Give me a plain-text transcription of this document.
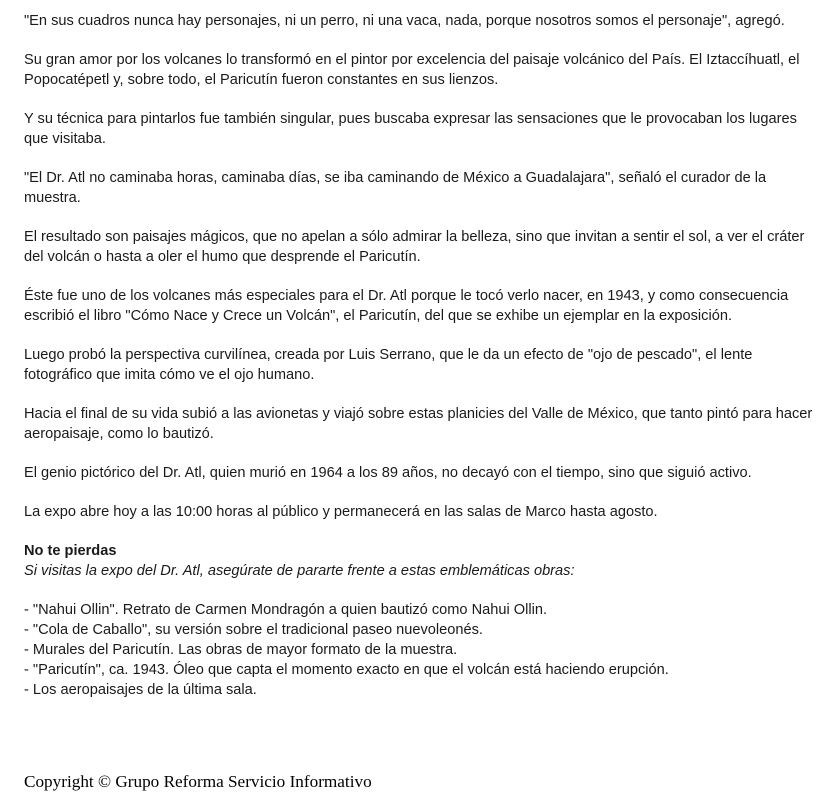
"En sus cuadros nunca hay personajes, ni un perro, ni una vaca, nada, porque nosotros somos el personaje", agregó.

Su gran amor por los volcanes lo transformó en el pintor por excelencia del paisaje volcánico del País. El Iztaccíhuatl, el Popocatépetl y, sobre todo, el Paricutín fueron constantes en sus lienzos.

Y su técnica para pintarlos fue también singular, pues buscaba expresar las sensaciones que le provocaban los lugares que visitaba.

"El Dr. Atl no caminaba horas, caminaba días, se iba caminando de México a Guadalajara", señaló el curador de la muestra.

El resultado son paisajes mágicos, que no apelan a sólo admirar la belleza, sino que invitan a sentir el sol, a ver el cráter del volcán o hasta a oler el humo que desprende el Paricutín.

Éste fue uno de los volcanes más especiales para el Dr. Atl porque le tocó verlo nacer, en 1943, y como consecuencia escribió el libro "Cómo Nace y Crece un Volcán", el Paricutín, del que se exhibe un ejemplar en la exposición.

Luego probó la perspectiva curvilínea, creada por Luis Serrano, que le da un efecto de "ojo de pescado", el lente fotográfico que imita cómo ve el ojo humano.

Hacia el final de su vida subió a las avionetas y viajó sobre estas planicies del Valle de México, que tanto pintó para hacer aeropaisaje, como lo bautizó.

El genio pictórico del Dr. Atl, quien murió en 1964 a los 89 años, no decayó con el tiempo, sino que siguió activo.

La expo abre hoy a las 10:00 horas al público y permanecerá en las salas de Marco hasta agosto.

No te pierdas
Si visitas la expo del Dr. Atl, asegúrate de pararte frente a estas emblemáticas obras:

- "Nahui Ollin". Retrato de Carmen Mondragón a quien bautizó como Nahui Ollin.
- "Cola de Caballo", su versión sobre el tradicional paseo nuevoleonés.
- Murales del Paricutín. Las obras de mayor formato de la muestra.
- "Paricutín", ca. 1943. Óleo que capta el momento exacto en que el volcán está haciendo erupción.
- Los aeropaisajes de la última sala.
Copyright © Grupo Reforma Servicio Informativo
